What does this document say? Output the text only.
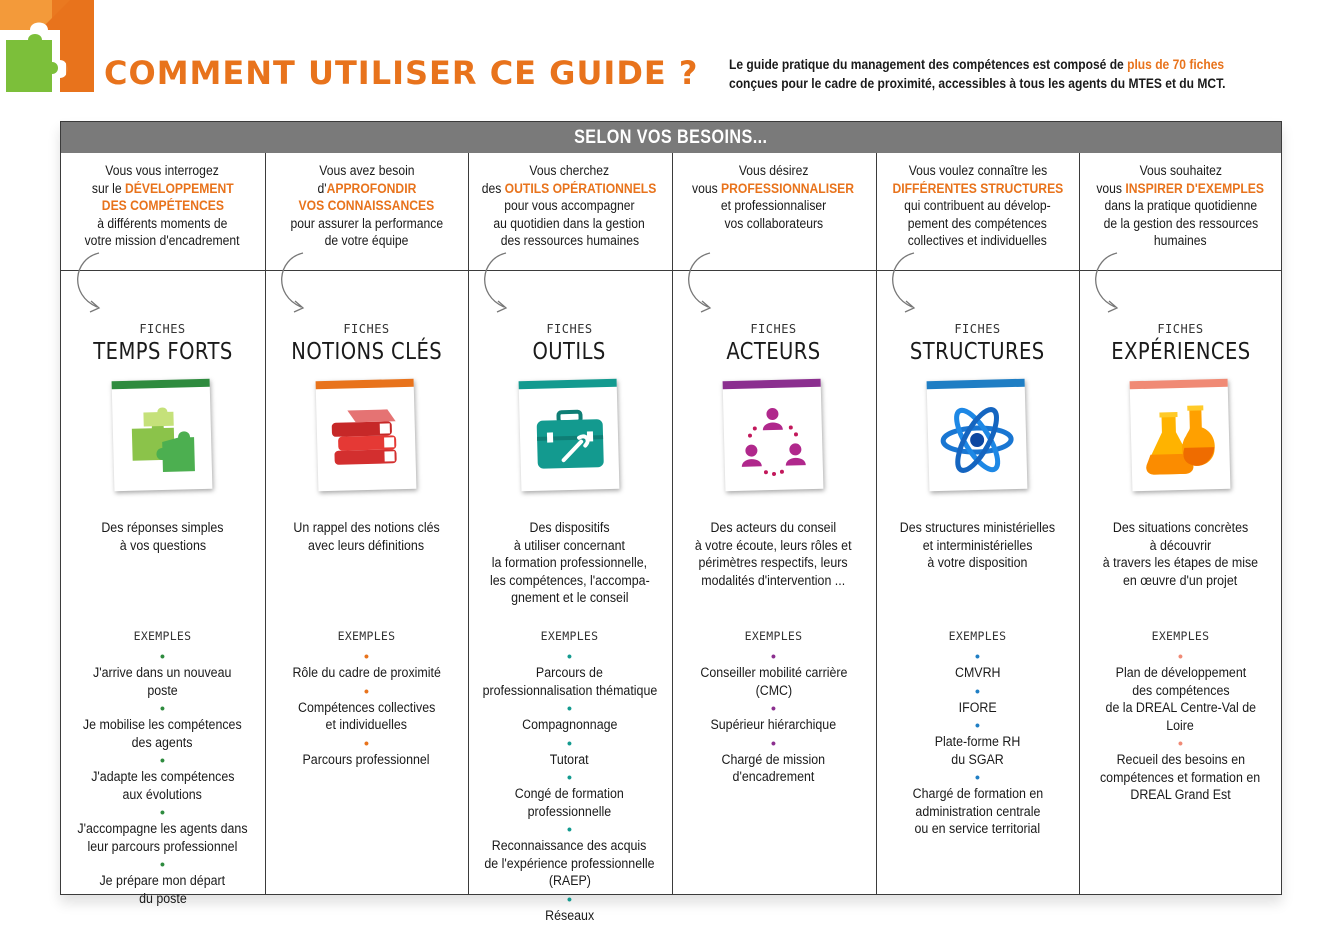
COMMENT UTILISER CE GUIDE ? Le guide pratique du management des compétences est composé de plus de 70 fiches
conçues pour le cadre de proximité, accessibles à tous les agents du MTES et du MCT.
SELON VOS BESOINS...
Vous vous interrogez
sur le DÉVELOPPEMENT
DES COMPÉTENCES
à différents moments de
votre mission d'encadrement
FICHES
TEMPS FORTS
Des réponses simples
à vos questions
EXEMPLES
•
J'arrive dans un nouveau
poste
•
Je mobilise les compétences
des agents
•
J'adapte les compétences
aux évolutions
•
J'accompagne les agents dans
leur parcours professionnel
•
Je prépare mon départ
du poste
Vous avez besoin
d'APPROFONDIR
VOS CONNAISSANCES
pour assurer la performance
de votre équipe
FICHES
NOTIONS CLÉS
Un rappel des notions clés
avec leurs définitions
EXEMPLES
•
Rôle du cadre de proximité
•
Compétences collectives
et individuelles
•
Parcours professionnel
Vous cherchez
des OUTILS OPÉRATIONNELS
pour vous accompagner
au quotidien dans la gestion
des ressources humaines
FICHES
OUTILS
Des dispositifs
à utiliser concernant
la formation professionnelle,
les compétences, l'accompa-
gnement et le conseil
EXEMPLES
•
Parcours de
professionnalisation thématique
•
Compagnonnage
•
Tutorat
•
Congé de formation
professionnelle
•
Reconnaissance des acquis
de l'expérience professionnelle
(RAEP)
•
Réseaux
Vous désirez
vous PROFESSIONNALISER
et professionnaliser
vos collaborateurs
FICHES
ACTEURS
Des acteurs du conseil
à votre écoute, leurs rôles et
périmètres respectifs, leurs
modalités d'intervention ...
EXEMPLES
•
Conseiller mobilité carrière
(CMC)
•
Supérieur hiérarchique
•
Chargé de mission
d'encadrement
Vous voulez connaître les
DIFFÉRENTES STRUCTURES
qui contribuent au dévelop-
pement des compétences
collectives et individuelles
FICHES
STRUCTURES
Des structures ministérielles
et interministérielles
à votre disposition
EXEMPLES
•
CMVRH
•
IFORE
•
Plate-forme RH
du SGAR
•
Chargé de formation en
administration centrale
ou en service territorial
Vous souhaitez
vous INSPIRER D'EXEMPLES
dans la pratique quotidienne
de la gestion des ressources
humaines
FICHES
EXPÉRIENCES
Des situations concrètes
à découvrir
à travers les étapes de mise
en œuvre d'un projet
EXEMPLES
•
Plan de développement
des compétences
de la DREAL Centre-Val de
Loire
•
Recueil des besoins en
compétences et formation en
DREAL Grand Est
